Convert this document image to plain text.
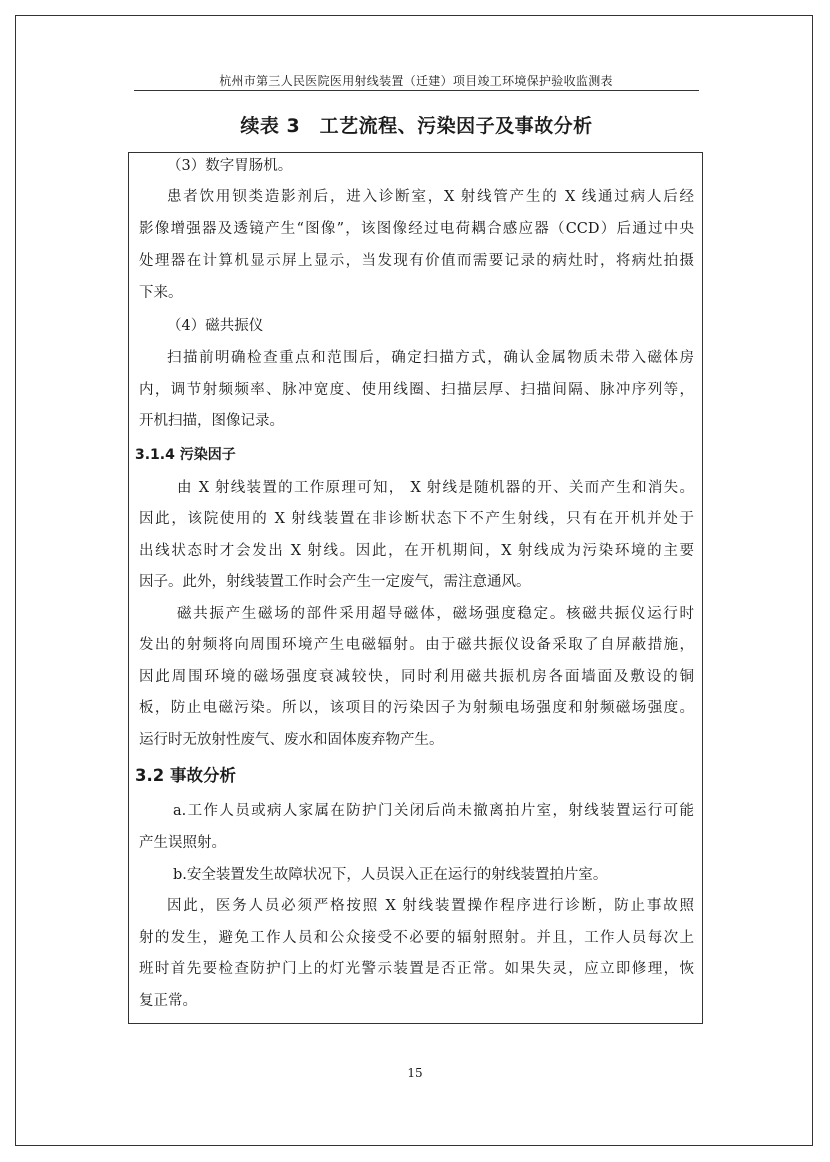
杭州市第三人民医院医用射线装置（迁建）项目竣工环境保护验收监测表
续表 3　工艺流程、污染因子及事故分析
（3）数字胃肠机。
患者饮用钡类造影剂后，进入诊断室，X 射线管产生的 X 线通过病人后经
影像增强器及透镜产生“图像”，该图像经过电荷耦合感应器（CCD）后通过中央
处理器在计算机显示屏上显示，当发现有价值而需要记录的病灶时，将病灶拍摄
下来。
（4）磁共振仪
扫描前明确检查重点和范围后，确定扫描方式，确认金属物质未带入磁体房
内，调节射频频率、脉冲宽度、使用线圈、扫描层厚、扫描间隔、脉冲序列等，
开机扫描，图像记录。
3.1.4 污染因子
由 X 射线装置的工作原理可知， X 射线是随机器的开、关而产生和消失。
因此，该院使用的 X 射线装置在非诊断状态下不产生射线，只有在开机并处于
出线状态时才会发出 X 射线。因此，在开机期间，X 射线成为污染环境的主要
因子。此外，射线装置工作时会产生一定废气，需注意通风。
磁共振产生磁场的部件采用超导磁体，磁场强度稳定。核磁共振仪运行时
发出的射频将向周围环境产生电磁辐射。由于磁共振仪设备采取了自屏蔽措施，
因此周围环境的磁场强度衰减较快，同时利用磁共振机房各面墙面及敷设的铜
板，防止电磁污染。所以，该项目的污染因子为射频电场强度和射频磁场强度。
运行时无放射性废气、废水和固体废弃物产生。
3.2 事故分析
a.工作人员或病人家属在防护门关闭后尚未撤离拍片室，射线装置运行可能
产生误照射。
b.安全装置发生故障状况下，人员误入正在运行的射线装置拍片室。
因此，医务人员必须严格按照 X 射线装置操作程序进行诊断，防止事故照
射的发生，避免工作人员和公众接受不必要的辐射照射。并且，工作人员每次上
班时首先要检查防护门上的灯光警示装置是否正常。如果失灵，应立即修理，恢
复正常。
15
